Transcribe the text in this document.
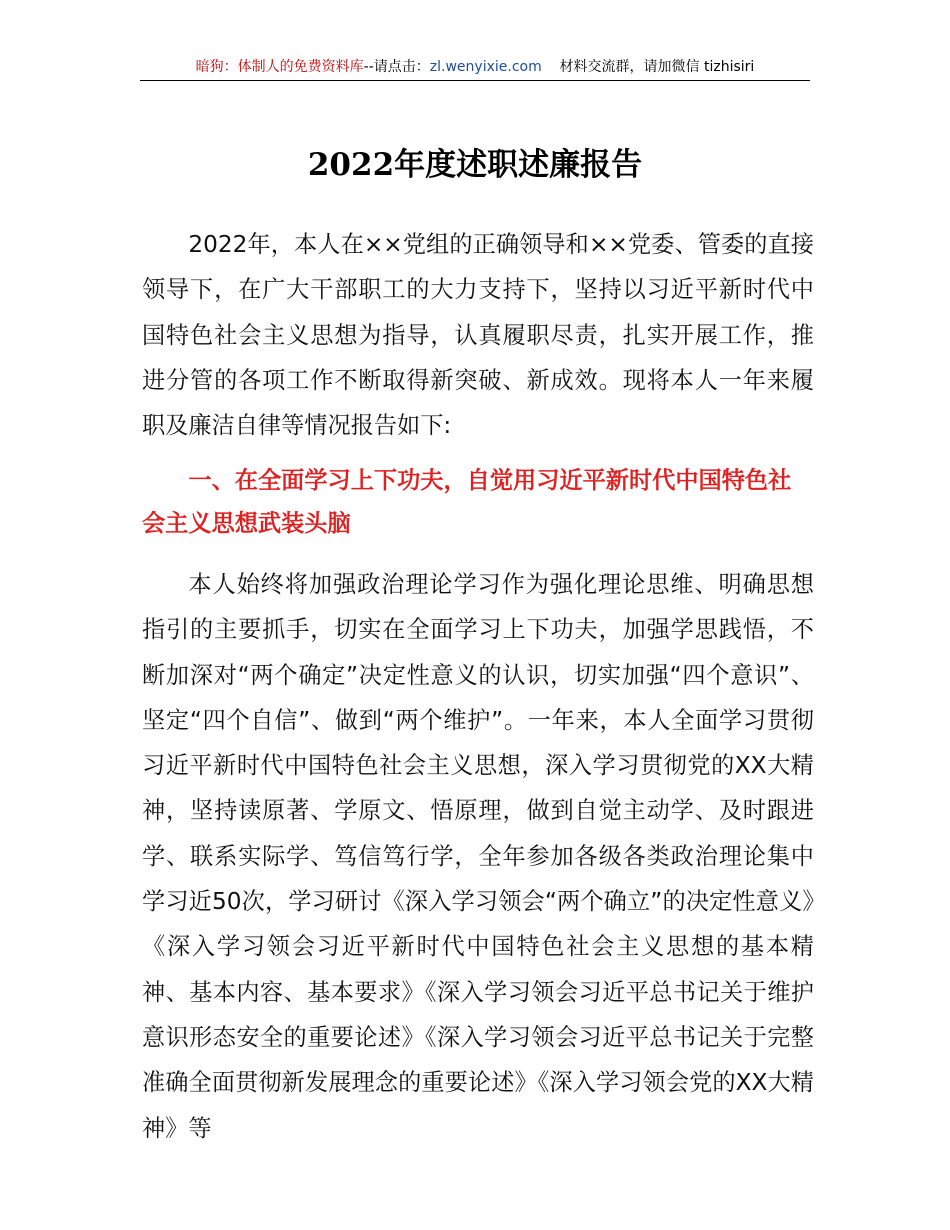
暗狗：体制人的免费资料库--请点击：zl.wenyixie.com 材料交流群，请加微信 tizhisiri
2022年度述职述廉报告

2022年，本人在××党组的正确领导和××党委、管委的直接领导下，在广大干部职工的大力支持下，坚持以习近平新时代中国特色社会主义思想为指导，认真履职尽责，扎实开展工作，推进分管的各项工作不断取得新突破、新成效。现将本人一年来履职及廉洁自律等情况报告如下:

一、在全面学习上下功夫，自觉用习近平新时代中国特色社会主义思想武装头脑

本人始终将加强政治理论学习作为强化理论思维、明确思想指引的主要抓手，切实在全面学习上下功夫，加强学思践悟，不断加深对“两个确定”决定性意义的认识，切实加强“四个意识”、坚定“四个自信”、做到“两个维护”。一年来，本人全面学习贯彻习近平新时代中国特色社会主义思想，深入学习贯彻党的XX大精神，坚持读原著、学原文、悟原理，做到自觉主动学、及时跟进学、联系实际学、笃信笃行学，全年参加各级各类政治理论集中学习近50次，学习研讨《深入学习领会“两个确立”的决定性意义》《深入学习领会习近平新时代中国特色社会主义思想的基本精神、基本内容、基本要求》《深入学习领会习近平总书记关于维护意识形态安全的重要论述》《深入学习领会习近平总书记关于完整准确全面贯彻新发展理念的重要论述》《深入学习领会党的XX大精神》等
